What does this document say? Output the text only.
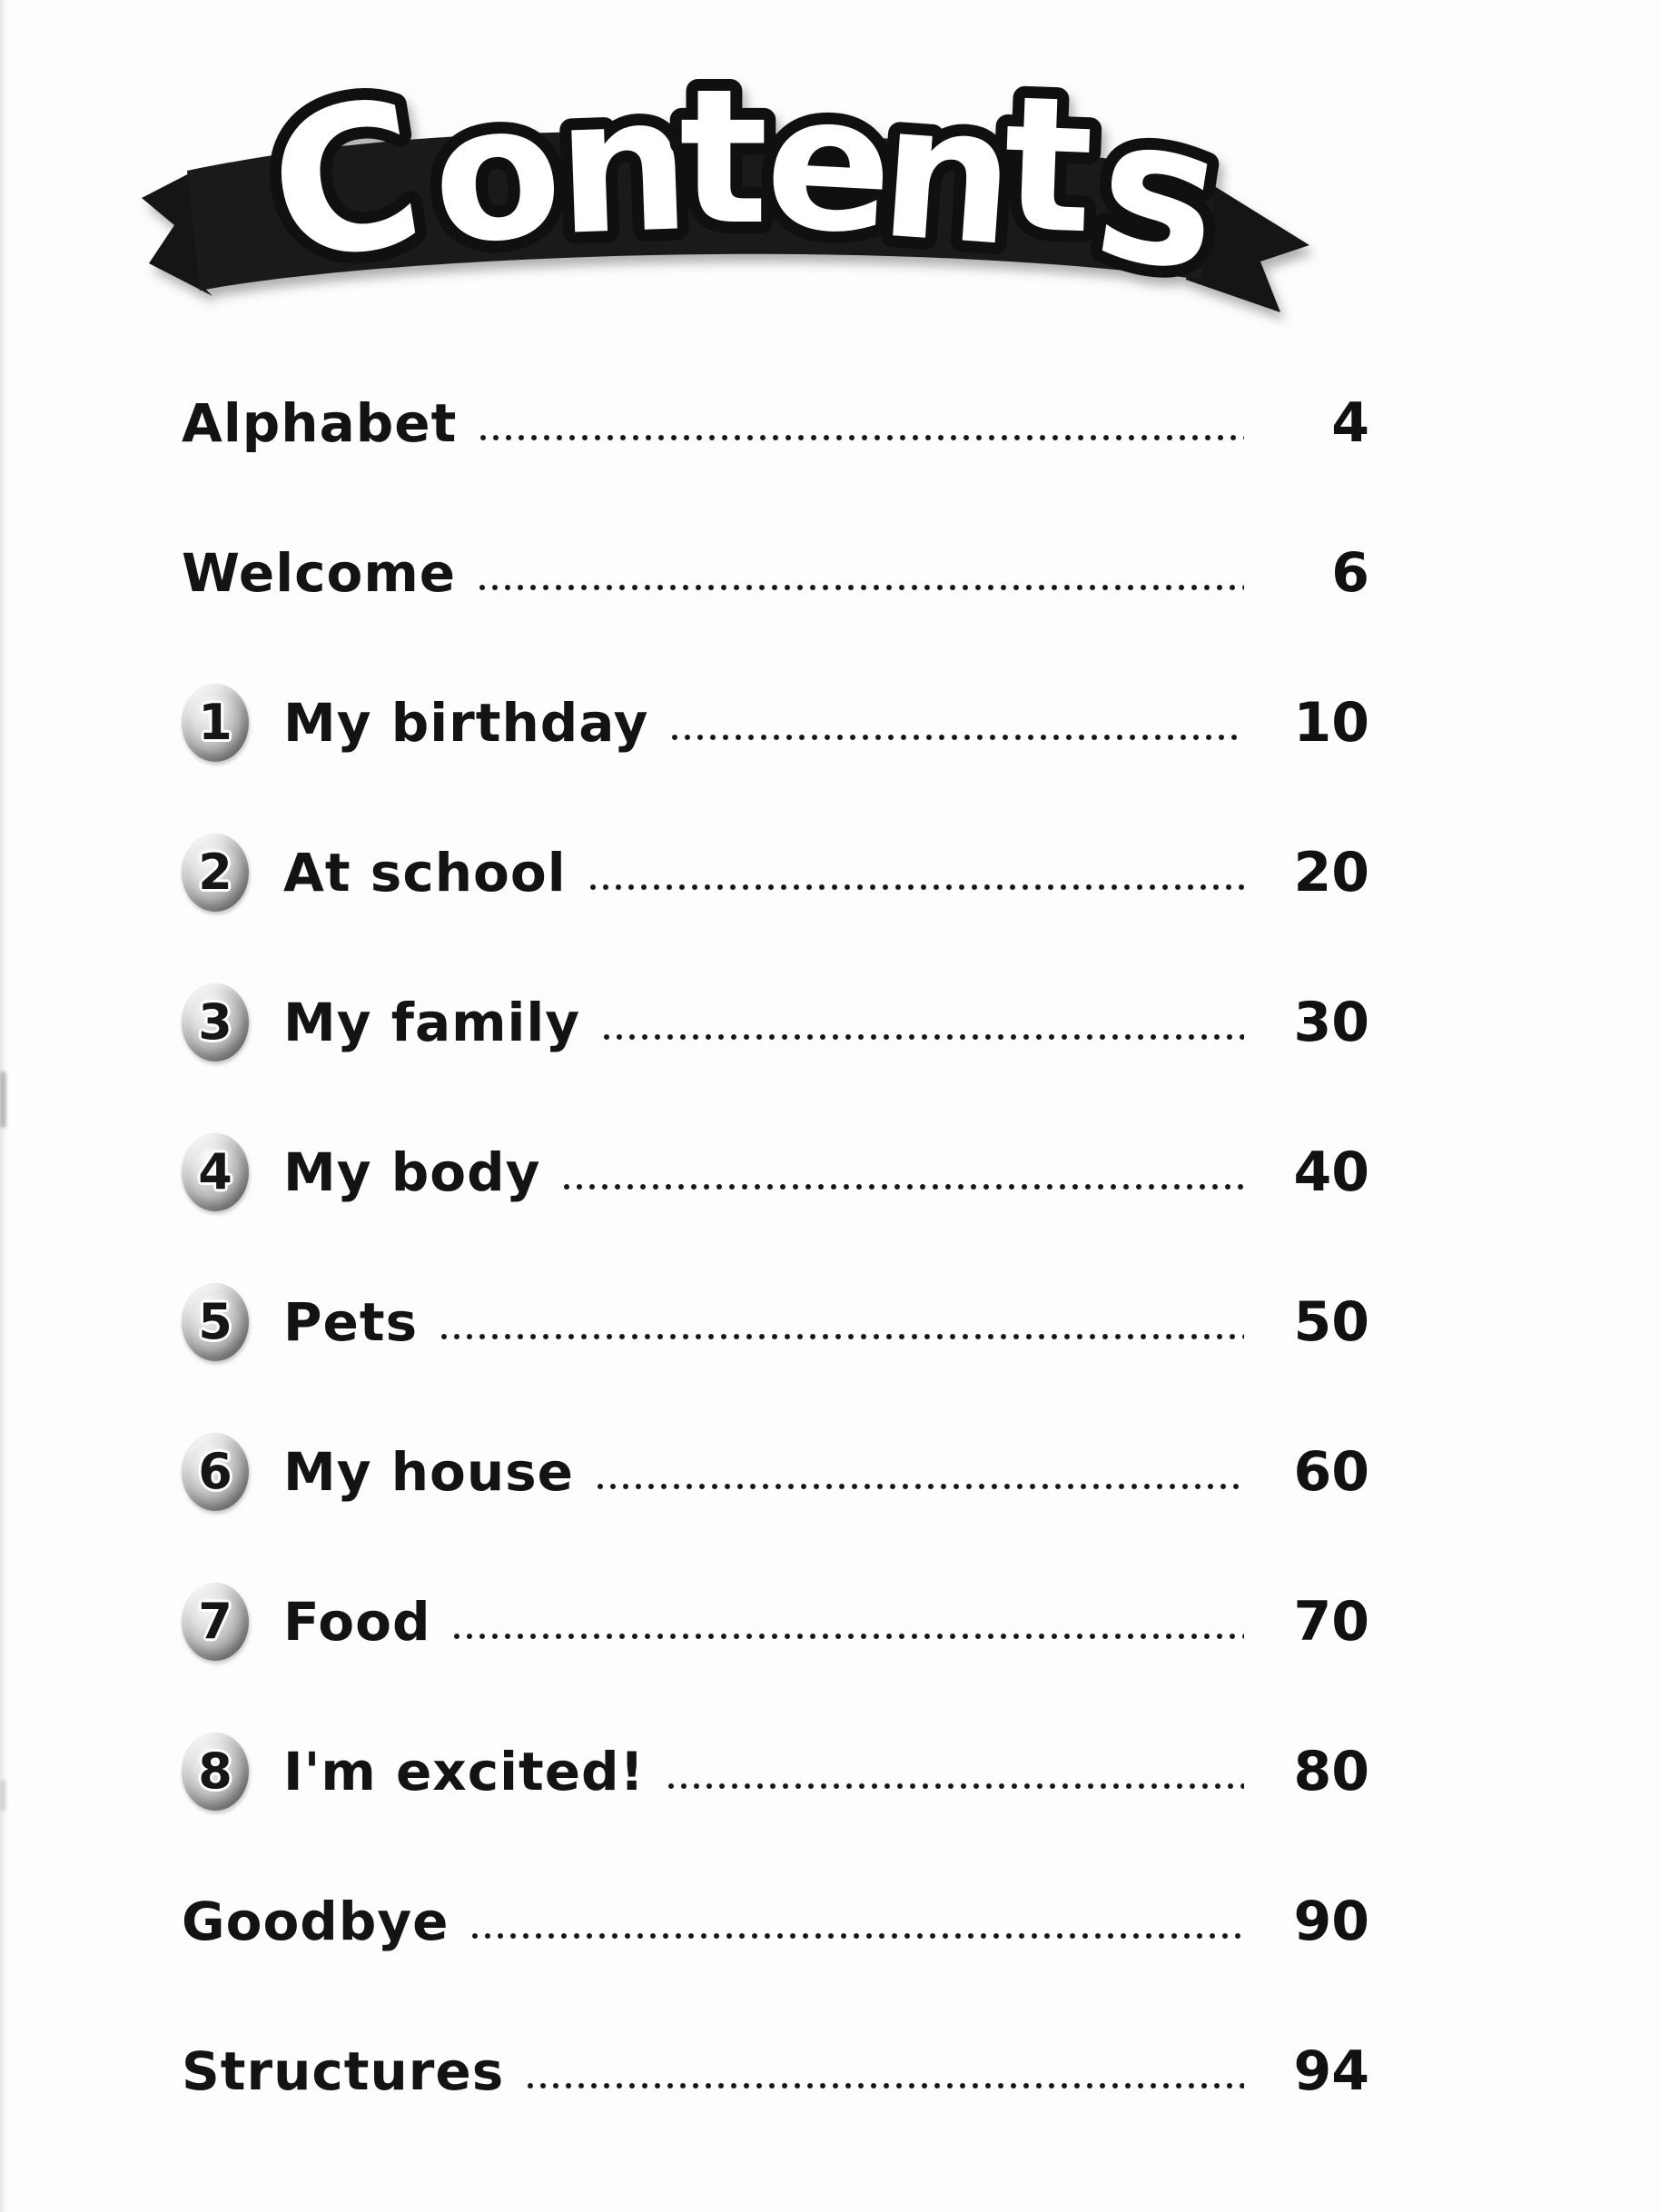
C
o
n
t
e
n
t
s
Alphabet	4
Welcome	6
1 My birthday	10
2 At school	20
3 My family	30
4 My body	40
5 Pets	50
6 My house	60
7 Food	70
8 I'm excited!	80
Goodbye	90
Structures	94
